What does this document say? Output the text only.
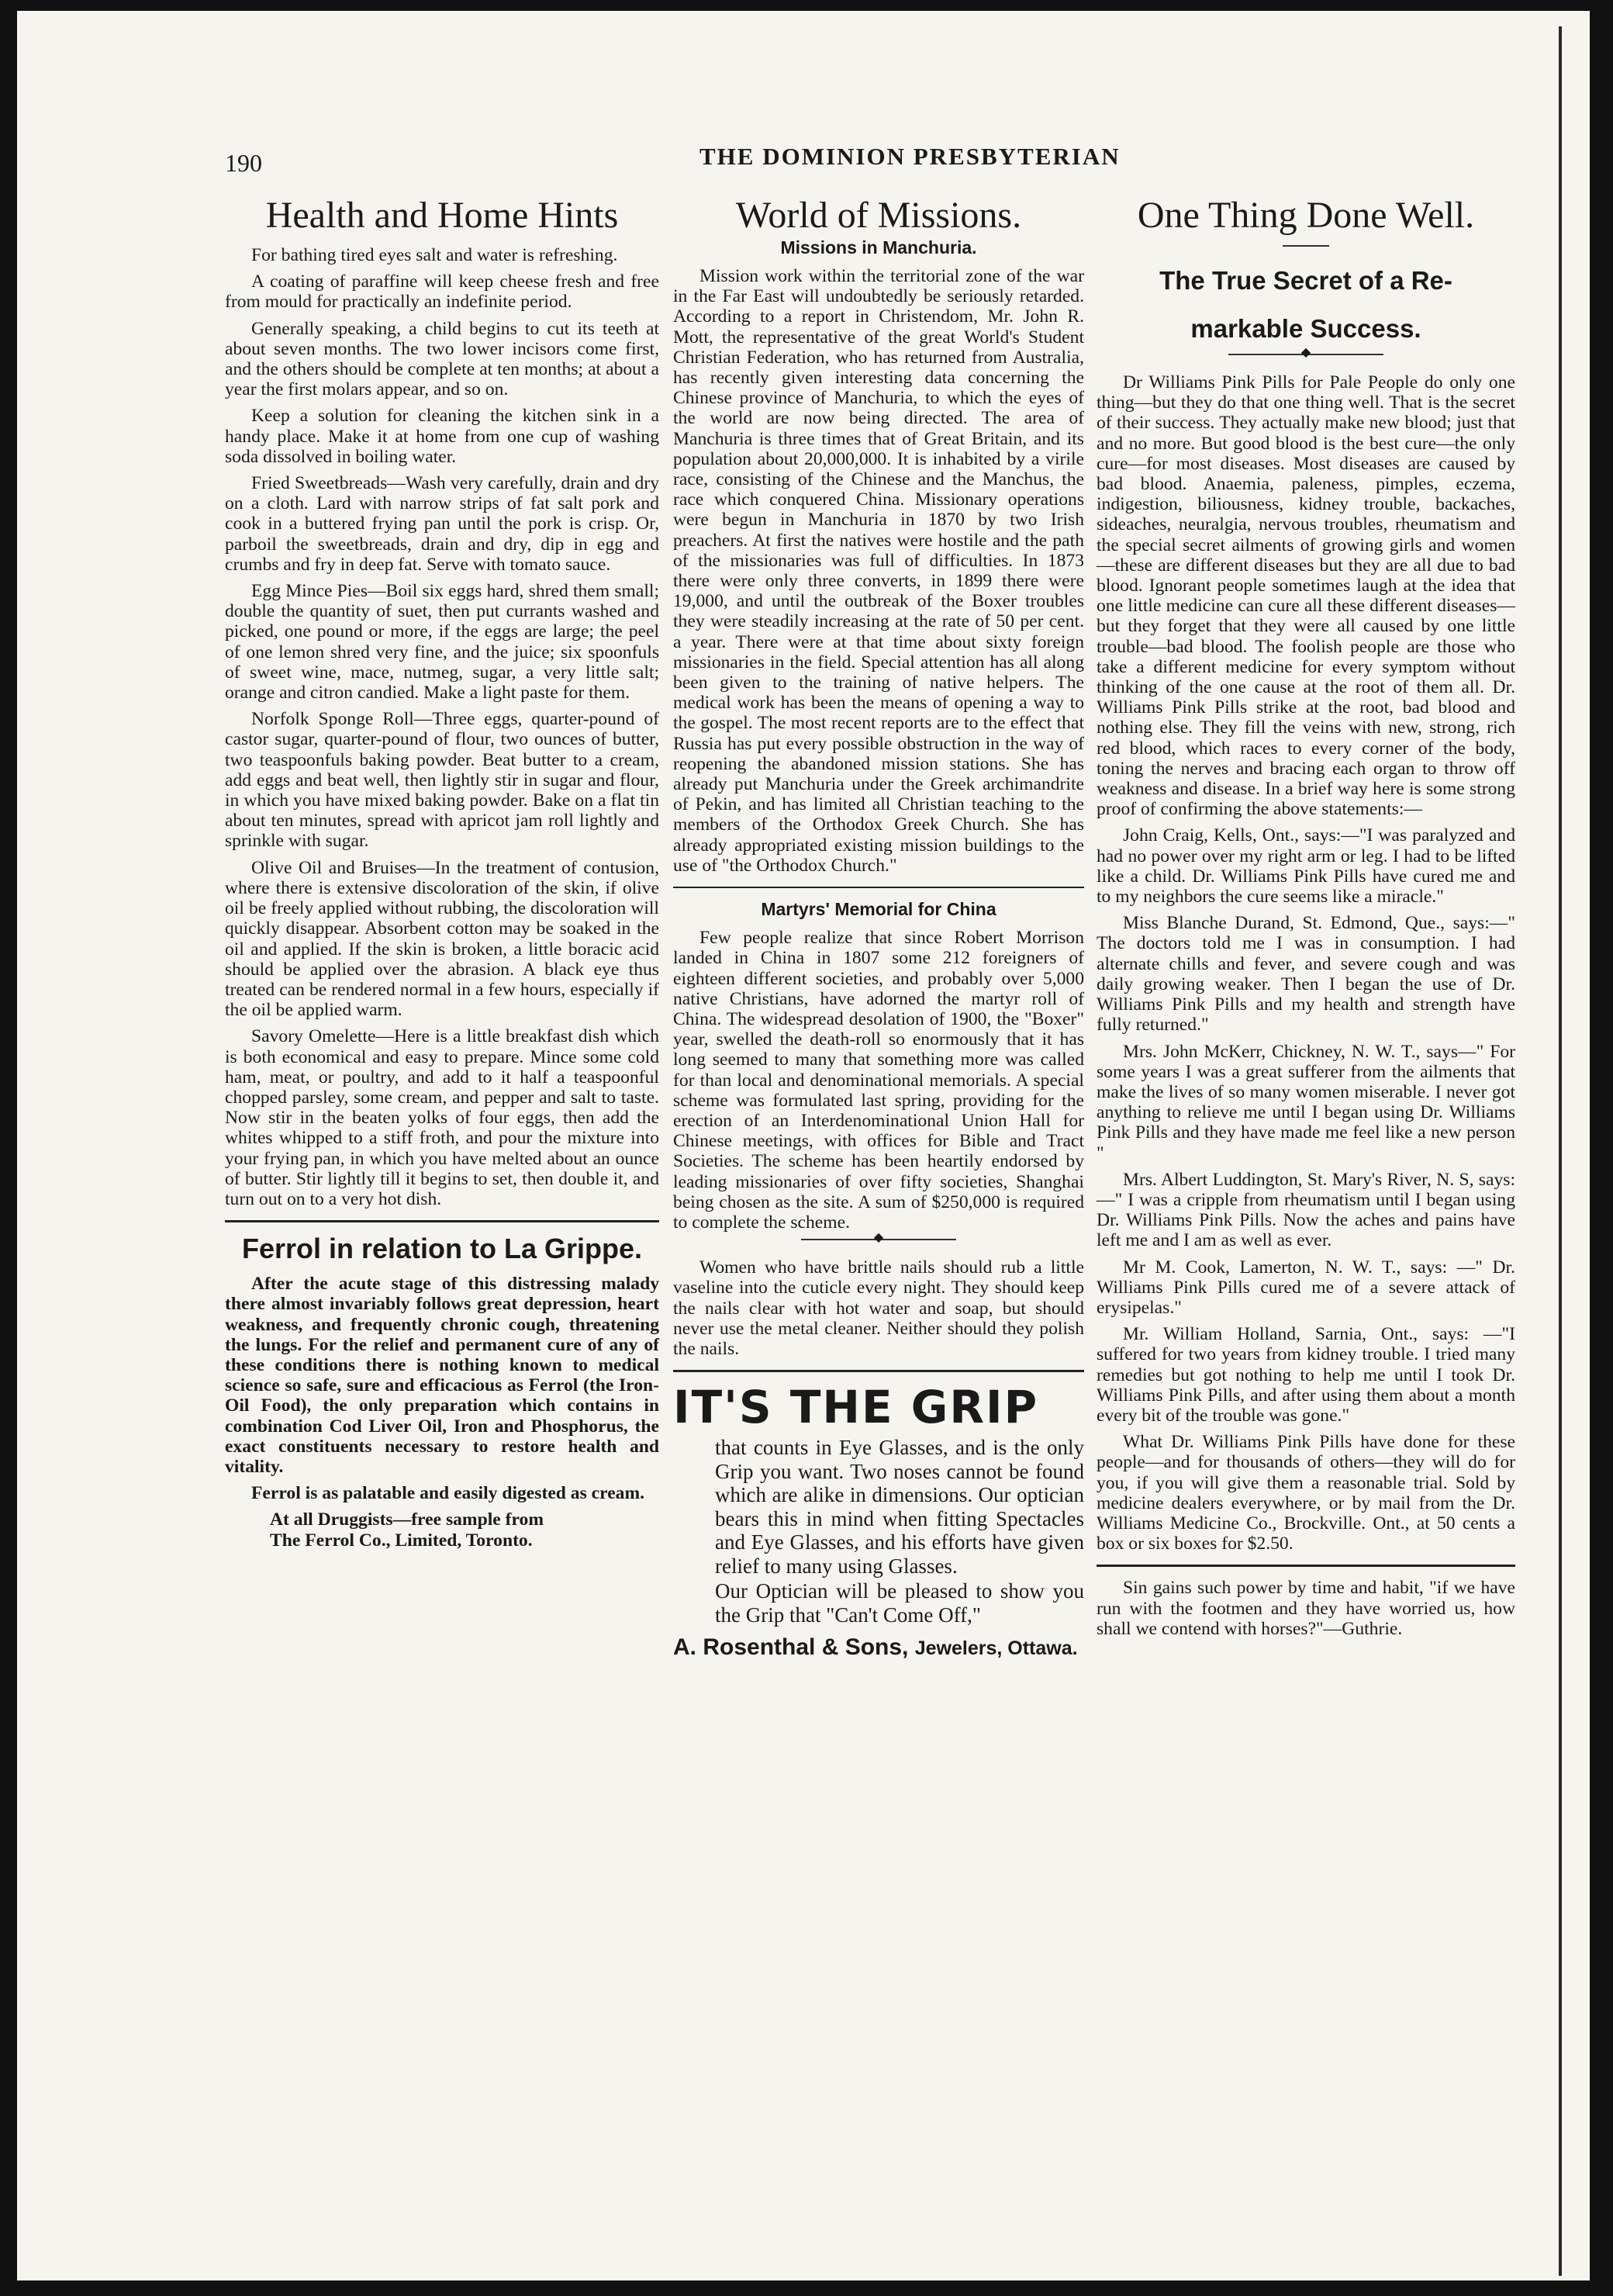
190	THE DOMINION PRESBYTERIAN
Health and Home Hints

For bathing tired eyes salt and water is refreshing.

A coating of paraffine will keep cheese fresh and free from mould for practically an indefinite period.

Generally speaking, a child begins to cut its teeth at about seven months. The two lower incisors come first, and the others should be complete at ten months; at about a year the first molars appear, and so on.

Keep a solution for cleaning the kitchen sink in a handy place. Make it at home from one cup of washing soda dissolved in boiling water.

Fried Sweetbreads—Wash very carefully, drain and dry on a cloth. Lard with narrow strips of fat salt pork and cook in a buttered frying pan until the pork is crisp. Or, parboil the sweetbreads, drain and dry, dip in egg and crumbs and fry in deep fat. Serve with tomato sauce.

Egg Mince Pies—Boil six eggs hard, shred them small; double the quantity of suet, then put currants washed and picked, one pound or more, if the eggs are large; the peel of one lemon shred very fine, and the juice; six spoonfuls of sweet wine, mace, nutmeg, sugar, a very little salt; orange and citron candied. Make a light paste for them.

Norfolk Sponge Roll—Three eggs, quarter-pound of castor sugar, quarter-pound of flour, two ounces of butter, two teaspoonfuls baking powder. Beat butter to a cream, add eggs and beat well, then lightly stir in sugar and flour, in which you have mixed baking powder. Bake on a flat tin about ten minutes, spread with apricot jam roll lightly and sprinkle with sugar.

Olive Oil and Bruises—In the treatment of contusion, where there is extensive discoloration of the skin, if olive oil be freely applied without rubbing, the discoloration will quickly disappear. Absorbent cotton may be soaked in the oil and applied. If the skin is broken, a little boracic acid should be applied over the abrasion. A black eye thus treated can be rendered normal in a few hours, especially if the oil be applied warm.

Savory Omelette—Here is a little breakfast dish which is both economical and easy to prepare. Mince some cold ham, meat, or poultry, and add to it half a teaspoonful chopped parsley, some cream, and pepper and salt to taste. Now stir in the beaten yolks of four eggs, then add the whites whipped to a stiff froth, and pour the mixture into your frying pan, in which you have melted about an ounce of butter. Stir lightly till it begins to set, then double it, and turn out on to a very hot dish.

Ferrol in relation to La Grippe.

After the acute stage of this distressing malady there almost invariably follows great depression, heart weakness, and frequently chronic cough, threatening the lungs. For the relief and permanent cure of any of these conditions there is nothing known to medical science so safe, sure and efficacious as Ferrol (the Iron-Oil Food), the only preparation which contains in combination Cod Liver Oil, Iron and Phosphorus, the exact constituents necessary to restore health and vitality.

Ferrol is as palatable and easily digested as cream.

At all Druggists—free sample from

The Ferrol Co., Limited, Toronto.

World of Missions.
Missions in Manchuria.

Mission work within the territorial zone of the war in the Far East will undoubtedly be seriously retarded. According to a report in Christendom, Mr. John R. Mott, the representative of the great World's Student Christian Federation, who has returned from Australia, has recently given interesting data concerning the Chinese province of Manchuria, to which the eyes of the world are now being directed. The area of Manchuria is three times that of Great Britain, and its population about 20,000,000. It is inhabited by a virile race, consisting of the Chinese and the Manchus, the race which conquered China. Missionary operations were begun in Manchuria in 1870 by two Irish preachers. At first the natives were hostile and the path of the missionaries was full of difficulties. In 1873 there were only three converts, in 1899 there were 19,000, and until the outbreak of the Boxer troubles they were steadily increasing at the rate of 50 per cent. a year. There were at that time about sixty foreign missionaries in the field. Special attention has all along been given to the training of native helpers. The medical work has been the means of opening a way to the gospel. The most recent reports are to the effect that Russia has put every possible obstruction in the way of reopening the abandoned mission stations. She has already put Manchuria under the Greek archimandrite of Pekin, and has limited all Christian teaching to the members of the Orthodox Greek Church. She has already appropriated existing mission buildings to the use of "the Orthodox Church."

Martyrs' Memorial for China

Few people realize that since Robert Morrison landed in China in 1807 some 212 foreigners of eighteen different societies, and probably over 5,000 native Christians, have adorned the martyr roll of China. The widespread desolation of 1900, the "Boxer" year, swelled the death-roll so enormously that it has long seemed to many that something more was called for than local and denominational memorials. A special scheme was formulated last spring, providing for the erection of an Interdenominational Union Hall for Chinese meetings, with offices for Bible and Tract Societies. The scheme has been heartily endorsed by leading missionaries of over fifty societies, Shanghai being chosen as the site. A sum of $250,000 is required to complete the scheme.

◆

Women who have brittle nails should rub a little vaseline into the cuticle every night. They should keep the nails clear with hot water and soap, but should never use the metal cleaner. Neither should they polish the nails.

IT'S THE GRIP

that counts in Eye Glasses, and is the only Grip you want. Two noses cannot be found which are alike in dimensions. Our optician bears this in mind when fitting Spectacles and Eye Glasses, and his efforts have given relief to many using Glasses.

Our Optician will be pleased to show you the Grip that "Can't Come Off,"

A. Rosenthal & Sons, Jewelers, Ottawa.
One Thing Done Well.
The True Secret of a Re-
markable Success.
◆

Dr Williams Pink Pills for Pale People do only one thing—but they do that one thing well. That is the secret of their success. They actually make new blood; just that and no more. But good blood is the best cure—the only cure—for most diseases. Most diseases are caused by bad blood. Anaemia, paleness, pimples, eczema, indigestion, biliousness, kidney trouble, backaches, sideaches, neuralgia, nervous troubles, rheumatism and the special secret ailments of growing girls and women—these are different diseases but they are all due to bad blood. Ignorant people sometimes laugh at the idea that one little medicine can cure all these different diseases—but they forget that they were all caused by one little trouble—bad blood. The foolish people are those who take a different medicine for every symptom without thinking of the one cause at the root of them all. Dr. Williams Pink Pills strike at the root, bad blood and nothing else. They fill the veins with new, strong, rich red blood, which races to every corner of the body, toning the nerves and bracing each organ to throw off weakness and disease. In a brief way here is some strong proof of confirming the above statements:—

John Craig, Kells, Ont., says:—"I was paralyzed and had no power over my right arm or leg. I had to be lifted like a child. Dr. Williams Pink Pills have cured me and to my neighbors the cure seems like a miracle."

Miss Blanche Durand, St. Edmond, Que., says:—" The doctors told me I was in consumption. I had alternate chills and fever, and severe cough and was daily growing weaker. Then I began the use of Dr. Williams Pink Pills and my health and strength have fully returned."

Mrs. John McKerr, Chickney, N. W. T., says—" For some years I was a great sufferer from the ailments that make the lives of so many women miserable. I never got anything to relieve me until I began using Dr. Williams Pink Pills and they have made me feel like a new person "

Mrs. Albert Luddington, St. Mary's River, N. S, says:—" I was a cripple from rheumatism until I began using Dr. Williams Pink Pills. Now the aches and pains have left me and I am as well as ever.

Mr M. Cook, Lamerton, N. W. T., says: —" Dr. Williams Pink Pills cured me of a severe attack of erysipelas."

Mr. William Holland, Sarnia, Ont., says: —"I suffered for two years from kidney trouble. I tried many remedies but got nothing to help me until I took Dr. Williams Pink Pills, and after using them about a month every bit of the trouble was gone."

What Dr. Williams Pink Pills have done for these people—and for thousands of others—they will do for you, if you will give them a reasonable trial. Sold by medicine dealers everywhere, or by mail from the Dr. Williams Medicine Co., Brockville. Ont., at 50 cents a box or six boxes for $2.50.

Sin gains such power by time and habit, "if we have run with the footmen and they have worried us, how shall we contend with horses?"—Guthrie.
